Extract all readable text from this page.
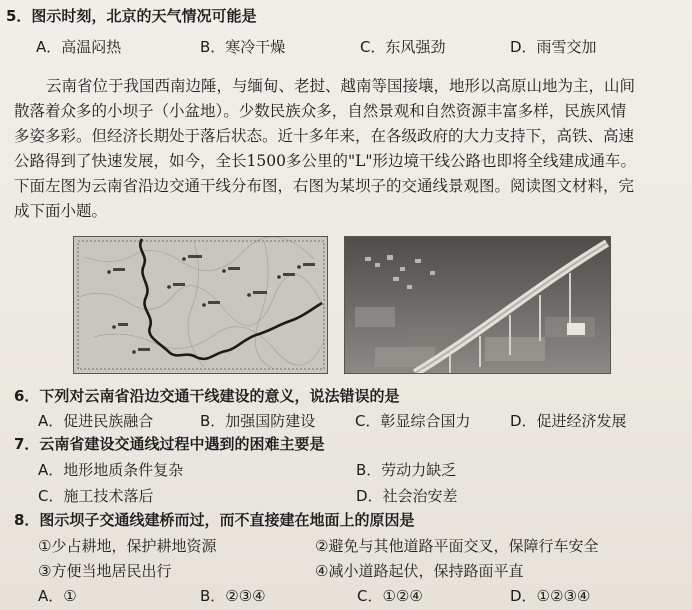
5．图示时刻，北京的天气情况可能是
A．高温闷热	B．寒冷干燥	C．东风强劲	D．雨雪交加

云南省位于我国西南边陲，与缅甸、老挝、越南等国接壤，地形以高原山地为主，山间

散落着众多的小坝子（小盆地）。少数民族众多，自然景观和自然资源丰富多样，民族风情

多姿多彩。但经济长期处于落后状态。近十多年来，在各级政府的大力支持下，高铁、高速

公路得到了快速发展，如今，全长1500多公里的"L"形边境干线公路也即将全线建成通车。

下面左图为云南省沿边交通干线分布图，右图为某坝子的交通线景观图。阅读图文材料，完

成下面小题。

6．下列对云南省沿边交通干线建设的意义，说法错误的是
A．促进民族融合	B．加强国防建设	C．彰显综合国力	D．促进经济发展
7．云南省建设交通线过程中遇到的困难主要是
A．地形地质条件复杂	B．劳动力缺乏
C．施工技术落后	D．社会治安差
8．图示坝子交通线建桥而过，而不直接建在地面上的原因是
①少占耕地，保护耕地资源	②避免与其他道路平面交叉，保障行车安全
③方便当地居民出行	④减小道路起伏，保持路面平直
A．①	B．②③④	C．①②④	D．①②③④
